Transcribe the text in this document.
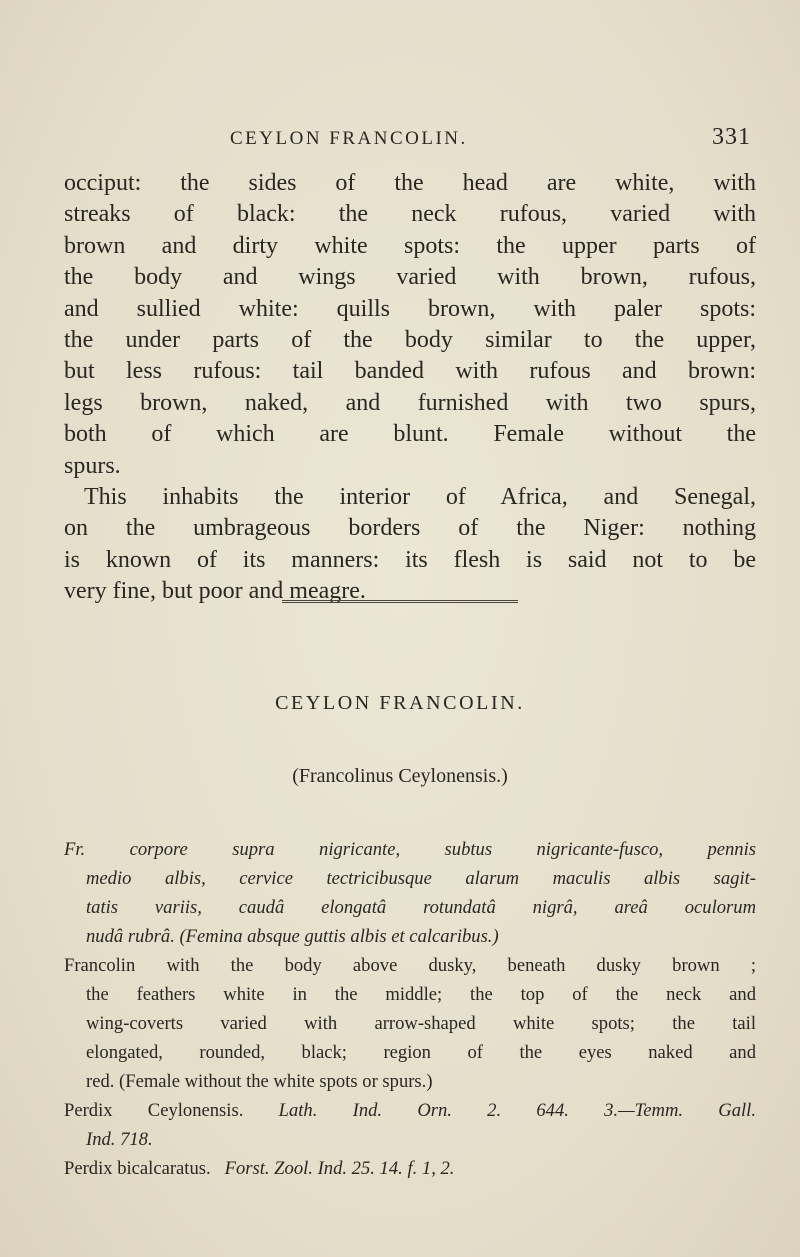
CEYLON FRANCOLIN.	331
occiput: the sides of the head are white, with
streaks of black: the neck rufous, varied with
brown and dirty white spots: the upper parts of
the body and wings varied with brown, rufous,
and sullied white: quills brown, with paler spots:
the under parts of the body similar to the upper,
but less rufous: tail banded with rufous and brown:
legs brown, naked, and furnished with two spurs,
both of which are blunt. Female without the
spurs.
This inhabits the interior of Africa, and Senegal,
on the umbrageous borders of the Niger: nothing
is known of its manners: its flesh is said not to be
very fine, but poor and meagre.
CEYLON FRANCOLIN.
(Francolinus Ceylonensis.)
Fr. corpore supra nigricante, subtus nigricante-fusco, pennis
medio albis, cervice tectricibusque alarum maculis albis sagit-
tatis variis, caudâ elongatâ rotundatâ nigrâ, areâ oculorum
nudâ rubrâ. (Femina absque guttis albis et calcaribus.)
Francolin with the body above dusky, beneath dusky brown ;
the feathers white in the middle; the top of the neck and
wing-coverts varied with arrow-shaped white spots; the tail
elongated, rounded, black; region of the eyes naked and
red. (Female without the white spots or spurs.)
Perdix Ceylonensis. Lath. Ind. Orn. 2. 644. 3.—Temm. Gall.
Ind. 718.
Perdix bicalcaratus. Forst. Zool. Ind. 25. 14. f. 1, 2.
